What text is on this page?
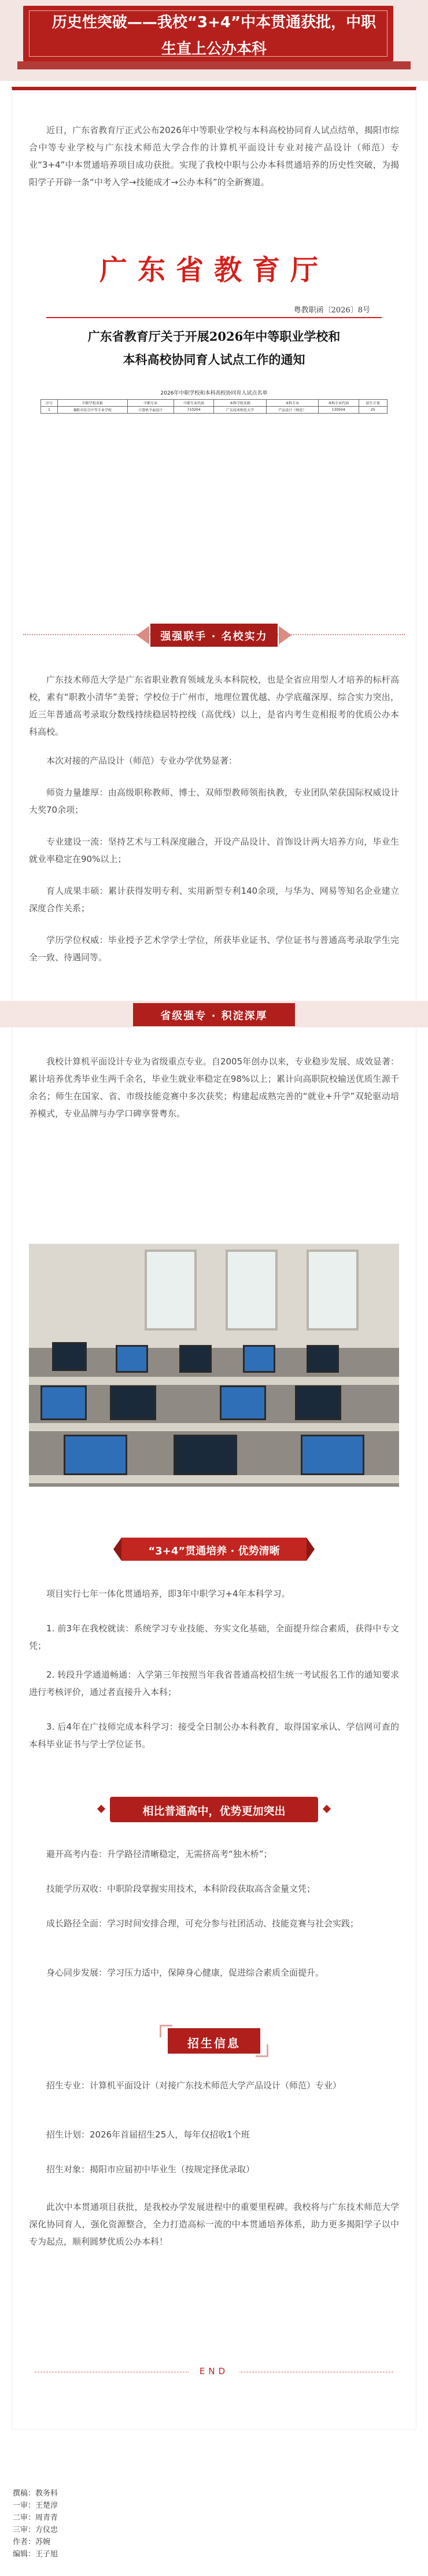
历史性突破——我校“3+4”中本贯通获批，中职
生直上公办本科
近日，广东省教育厅正式公布2026年中等职业学校与本科高校协同育人试点结单，揭阳市综合中等专业学校与广东技术师范大学合作的计算机平面设计专业对接产品设计（师范）专业“3+4”中本贯通培养项目成功获批。实现了我校中职与公办本科贯通培养的历史性突破，为揭阳学子开辟一条“中考入学→技能成才→公办本科”的全新赛道。
广东省教育厅
粤教职函〔2026〕8号
广东省教育厅关于开展2026年中等职业学校和
本科高校协同育人试点工作的通知
2026年中职学校和本科高校协同育人试点名单
序号	中职学校名称	中职专业	中职专业代码	本科学校名称	本科专业	本科专业代码	招生计划
1	揭阳市综合中等专业学校	计算机平面设计	710204	广东技术师范大学	产品设计（师范）	130504	25
强强联手 · 名校实力
广东技术师范大学是广东省职业教育领域龙头本科院校，也是全省应用型人才培养的标杆高校，素有“职教小清华”美誉；学校位于广州市，地理位置优越、办学底蕴深厚、综合实力突出，近三年普通高考录取分数线持续稳居特控线（高优线）以上，是省内考生竞相报考的优质公办本科高校。
本次对接的产品设计（师范）专业办学优势显著：
师资力量雄厚：由高级职称教师、博士、双师型教师领衔执教，专业团队荣获国际权威设计大奖70余项；
专业建设一流：坚持艺术与工科深度融合，开设产品设计、首饰设计两大培养方向，毕业生就业率稳定在90%以上；
育人成果丰硕：累计获得发明专利、实用新型专利140余项，与华为、网易等知名企业建立深度合作关系；
学历学位权威：毕业授予艺术学学士学位，所获毕业证书、学位证书与普通高考录取学生完全一致、待遇同等。
省级强专 · 积淀深厚
我校计算机平面设计专业为省级重点专业。自2005年创办以来，专业稳步发展、成效显著：累计培养优秀毕业生两千余名，毕业生就业率稳定在98%以上；累计向高职院校输送优质生源千余名；师生在国家、省、市级技能竞赛中多次获奖；构建起成熟完善的“就业+升学”双轮驱动培养模式，专业品牌与办学口碑享誉粤东。
“3+4”贯通培养 · 优势清晰
项目实行七年一体化贯通培养，即3年中职学习+4年本科学习。
1. 前3年在我校就读：系统学习专业技能、夯实文化基础，全面提升综合素质，获得中专文凭；
2. 转段升学通道畅通：入学第三年按照当年我省普通高校招生统一考试报名工作的通知要求进行考核评价，通过者直接升入本科；
3. 后4年在广技师完成本科学习：接受全日制公办本科教育，取得国家承认、学信网可查的本科毕业证书与学士学位证书。
相比普通高中，优势更加突出
避开高考内卷：升学路径清晰稳定，无需挤高考“独木桥”；
技能学历双收：中职阶段掌握实用技术，本科阶段获取高含金量文凭；
成长路径全面：学习时间安排合理，可充分参与社团活动、技能竞赛与社会实践；
身心同步发展：学习压力适中，保障身心健康，促进综合素质全面提升。
招生信息
招生专业：计算机平面设计（对接广东技术师范大学产品设计（师范）专业）
招生计划：2026年首届招生25人，每年仅招收1个班
招生对象：揭阳市应届初中毕业生（按规定择优录取）
此次中本贯通项目获批，是我校办学发展进程中的重要里程碑。我校将与广东技术师范大学深化协同育人，强化资源整合，全力打造高标一流的中本贯通培养体系，助力更多揭阳学子以中专为起点，顺利圆梦优质公办本科！
END
撰稿：教务科
一审：王楚淳
二审：周青青
三审：方仪忠
作者：苏婉
编辑：王子旭
